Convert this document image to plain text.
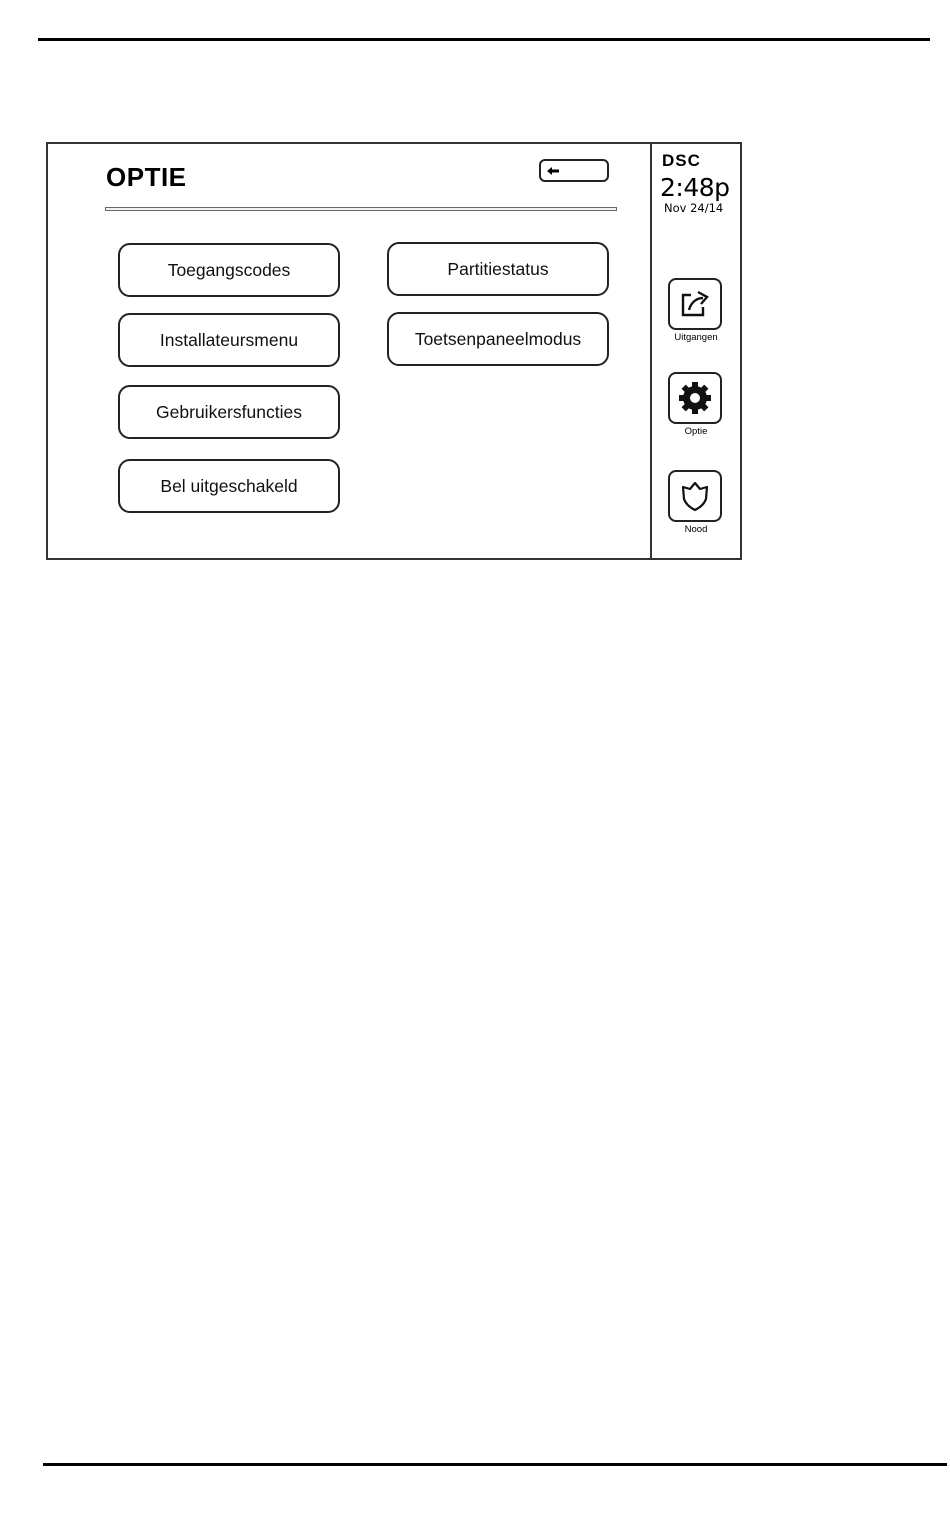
OPTIE
Toegangscodes
Installateursmenu
Gebruikersfuncties
Bel uitgeschakeld
Partitiestatus
Toetsenpaneelmodus
DSC
2:48p
Nov 24/14
Uitgangen
Optie
Nood
